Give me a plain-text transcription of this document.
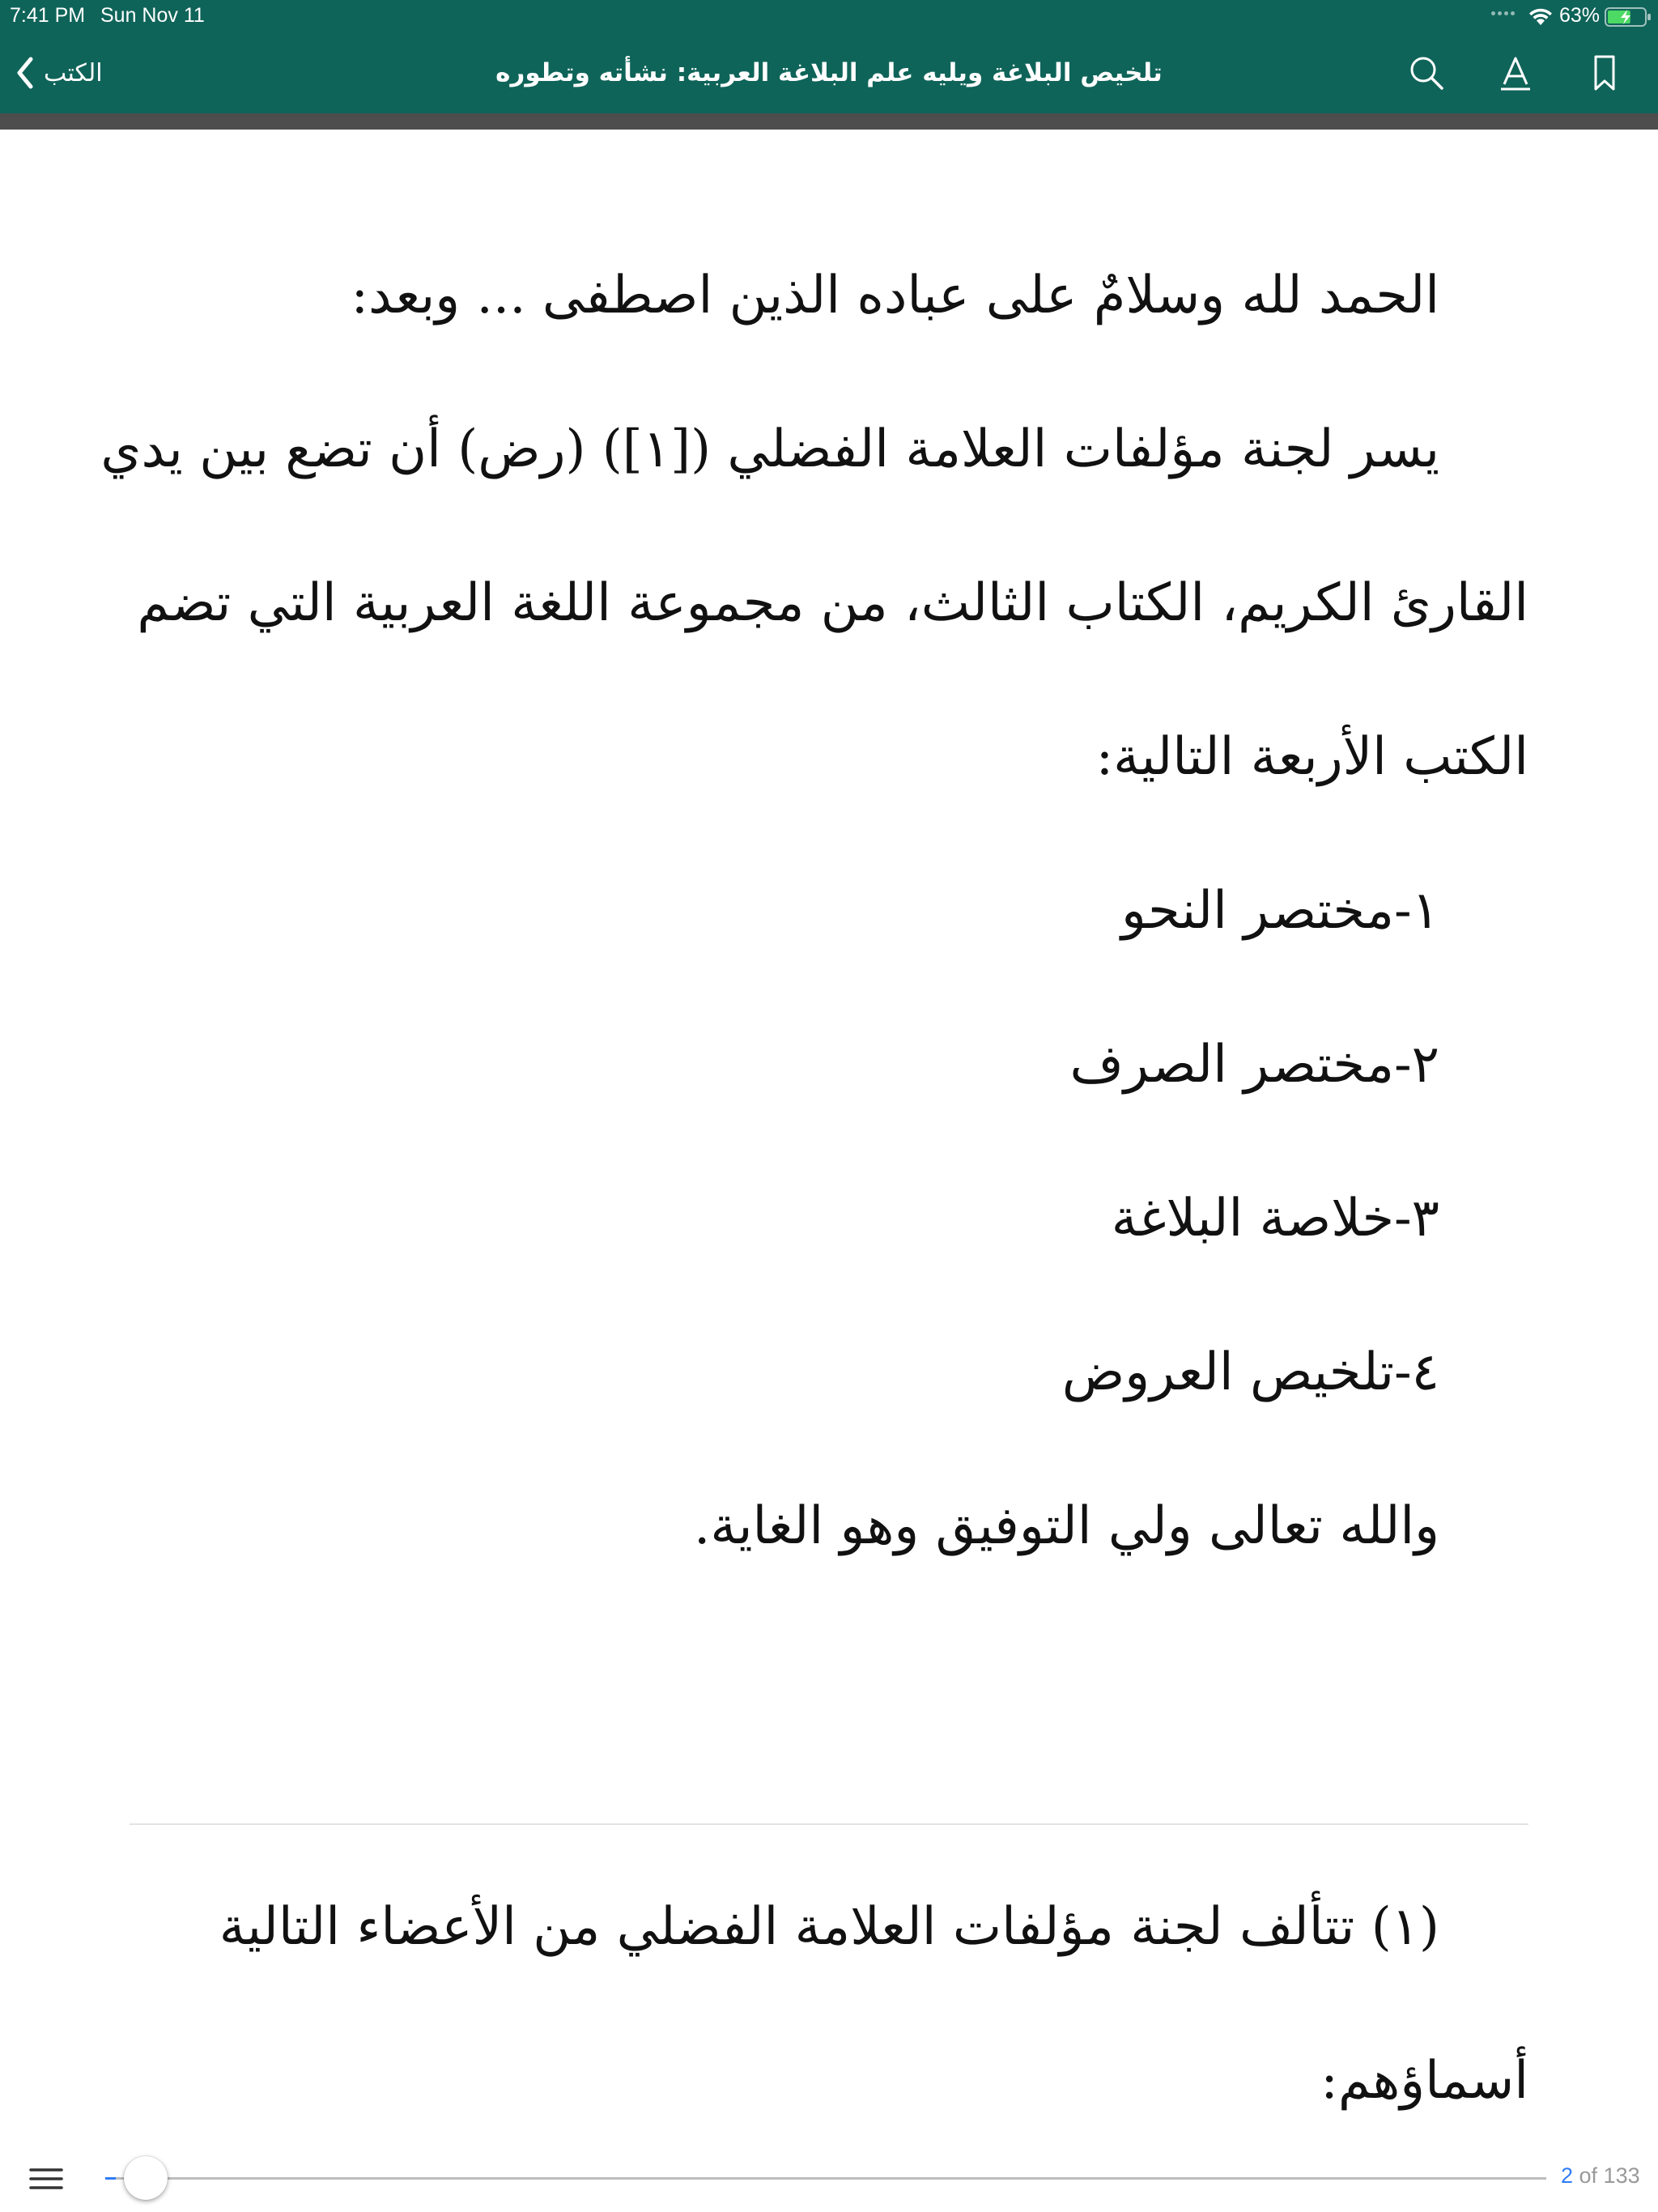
7:41 PM Sun Nov 11	63%
الكتب	تلخيص البلاغة ويليه علم البلاغة العربية: نشأته وتطوره
الحمد لله وسلامٌ على عباده الذين اصطفى ... وبعد:
يسر لجنة مؤلفات العلامة الفضلي ([١]) (رض) أن تضع بين يدي
القارئ الكريم، الكتاب الثالث، من مجموعة اللغة العربية التي تضم
الكتب الأربعة التالية:
١-مختصر النحو
٢-مختصر الصرف
٣-خلاصة البلاغة
٤-تلخيص العروض
والله تعالى ولي التوفيق وهو الغاية.
(١) تتألف لجنة مؤلفات العلامة الفضلي من الأعضاء التالية
أسماؤهم:
2 of 133
